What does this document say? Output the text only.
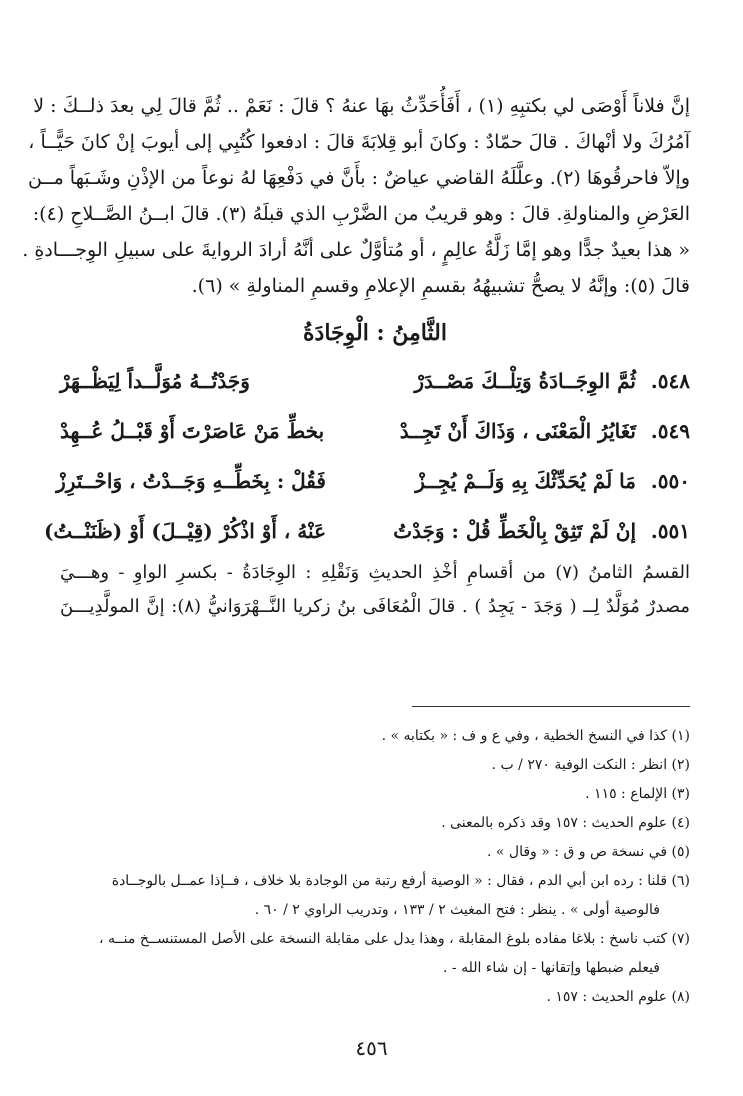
إنَّ فلاناً أَوْصَى لي بكتبِهِ (١) ، أَفَأُحَدِّثُ بهَا عنهُ ؟ قالَ : نَعَمْ .. ثُمَّ قالَ لِي بعدَ ذلــكَ : لا

آمُرُكَ ولا أنْهاكَ . قالَ حمّادٌ : وكانَ أبو قِلابَةَ قالَ : ادفعوا كُتُبِي إلى أيوبَ إنْ كانَ حَيًّــاً ،

وإلاّ فاحرقُوهَا (٢). وعلَّلَهُ القاضي عياضٌ : بأَنَّ في دَفْعِهَا لهُ نوعاً من الإذْنِ وشَـبَهاً مــن

العَرْضِ والمناولةِ. قالَ : وهو قريبٌ من الضَّرْبِ الذي قبلَهُ (٣). قالَ ابــنُ الصَّــلاحِ (٤):

« هذا بعيدٌ جدًّا وهو إمَّا زَلَّةُ عالِمٍ ، أو مُتأوَّلٌ على أنَّهُ أرادَ الروايةَ على سبيلِ الوِجـــادةِ .

قالَ (٥): وإنَّهُ لا يصحُّ تشبيهُهُ بقسمِ الإعلامِ وقسمِ المناولةِ » (٦).

الثَّامِنُ : الْوِجَادَةُ
٥٤٨.
ثُمَّ الوِجَــادَةُ وَتِلْــكَ مَصْــدَرْ
وَجَدْتُــهُ مُوَلَّــداً لِيَظْــهَرْ
٥٤٩.
تَغَايُرُ الْمَعْنَى ، وَذَاكَ أَنْ تَجِــدْ
بخطِّ مَنْ عَاصَرْتَ أَوْ قَبْــلُ عُــهِدْ
٥٥٠.
مَا لَمْ يُحَدِّثْكَ بِهِ وَلَــمْ يُجِــزْ
فَقُلْ : بِخَطِّــهِ وَجَــدْتُ ، وَاحْــتَرِزْ
٥٥١.
إنْ لَمْ تَثِقْ بِالْخَطِّ قُلْ : وَجَدْتُ
عَنْهُ ، أَوْ اذْكُرْ (قِيْــلَ) أَوْ (ظَنَنْــتُ)

القسمُ الثامنُ (٧) من أقسامِ أخْذِ الحديثِ وَنَقْلِهِ : الوِجَادَةُ - بكسرِ الواوِ - وهـــيَ

مصدرٌ مُوَلَّدٌ لِــ ( وَجَدَ - يَجِدُ ) . قالَ الْمُعَافَى بنُ زكريا النَّــهْرَوَانيُّ (٨): إنَّ المولَّدِيـــنَ

(١) كذا في النسخ الخطية ، وفي ع و ف : « بكتابه » .

(٢) انظر : النكت الوفية ٢٧٠ / ب .

(٣) الإلماع : ١١٥ .

(٤) علوم الحديث : ١٥٧ وقد ذكره بالمعنى .

(٥) في نسخة ص و ق : « وقال » .

(٦) قلنا : رده ابن أبي الدم ، فقال : « الوصية أرفع رتبة من الوجادة بلا خلاف ، فــإذا عمــل بالوجــادة

فالوصية أولى » . ينظر : فتح المغيث ٢ / ١٣٣ ، وتدريب الراوي ٢ / ٦٠ .

(٧) كتب ناسخ : بلاغا مفاده بلوغ المقابلة ، وهذا يدل على مقابلة النسخة على الأصل المستنســخ منــه ،

فيعلم ضبطها وإتقانها - إن شاء الله - .

(٨) علوم الحديث : ١٥٧ .

٤٥٦
